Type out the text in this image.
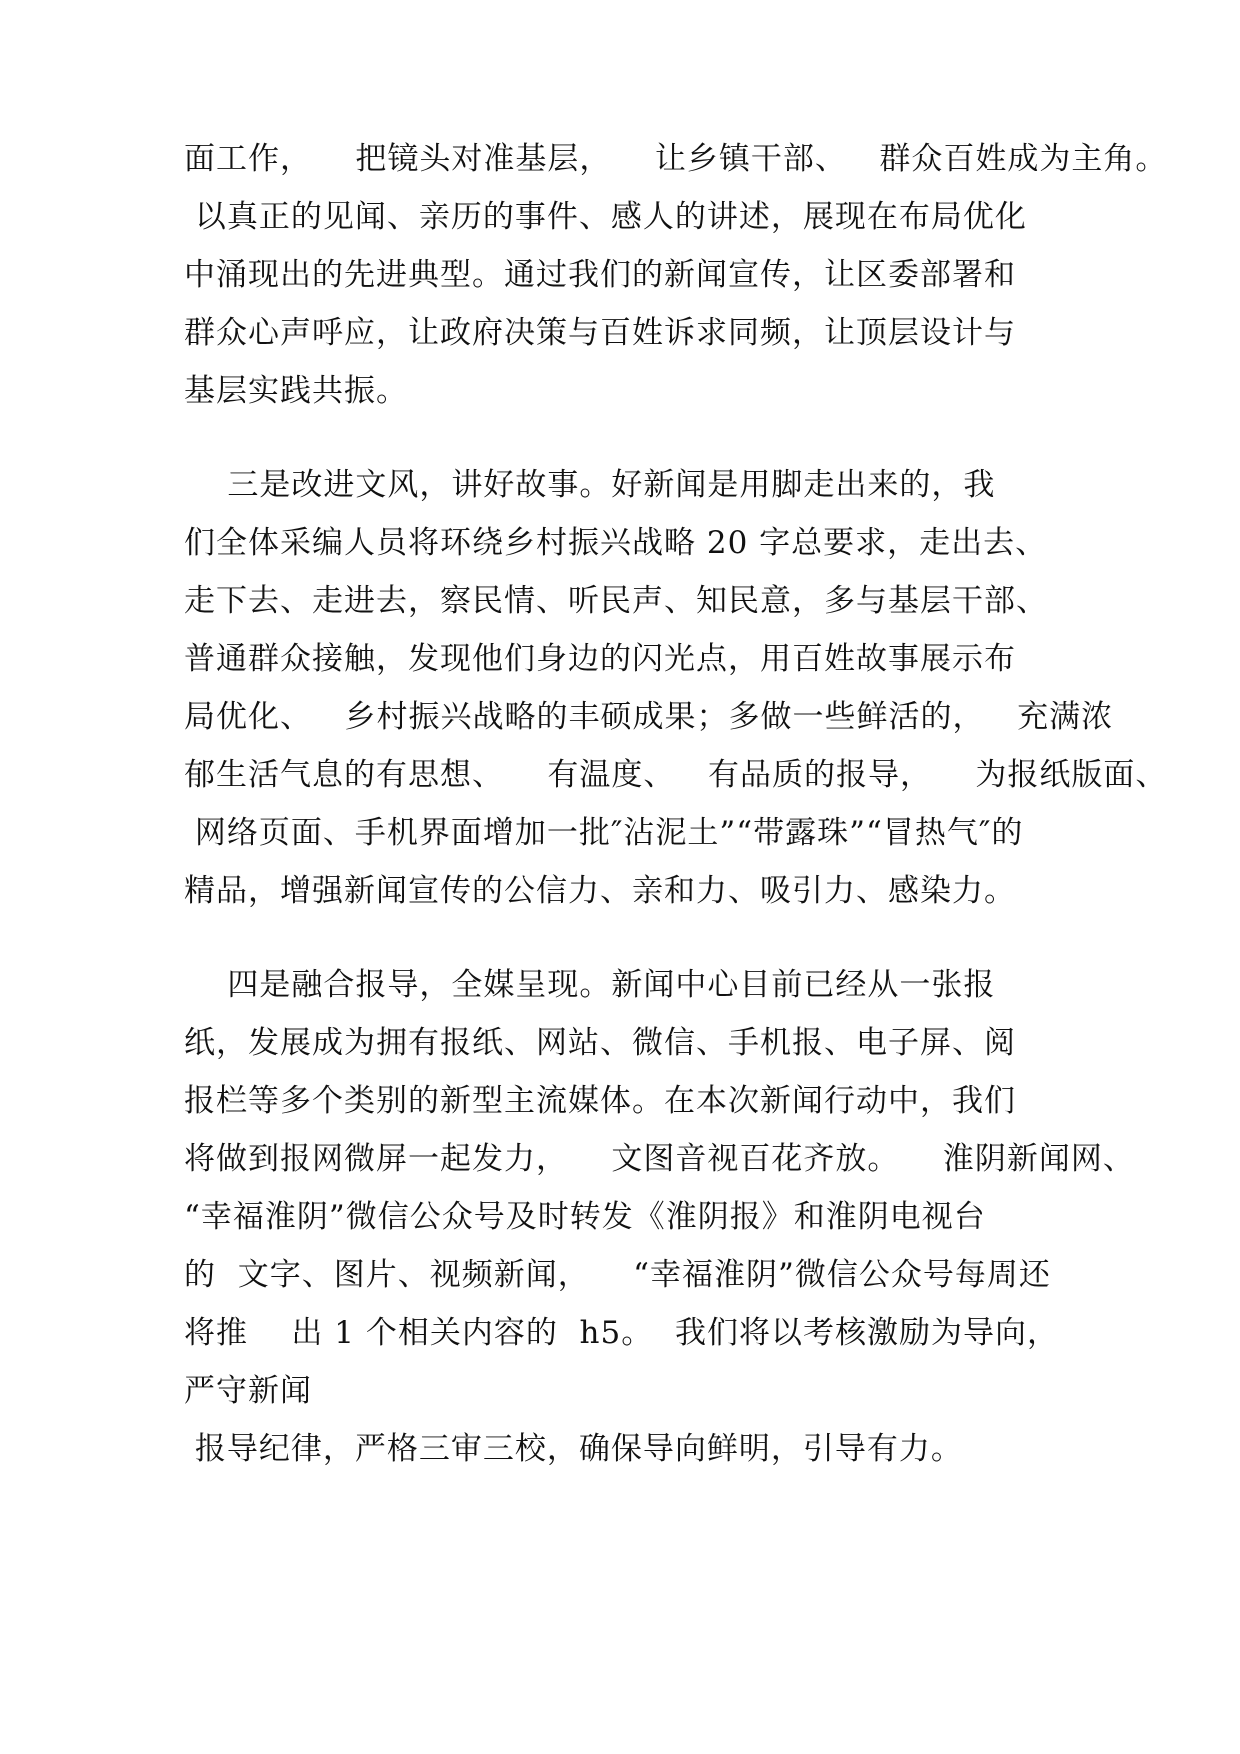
面工作，    把镜头对准基层，    让乡镇干部、   群众百姓成为主角。
以真正的见闻、亲历的事件、感人的讲述，展现在布局优化
中涌现出的先进典型。通过我们的新闻宣传，让区委部署和
群众心声呼应，让政府决策与百姓诉求同频，让顶层设计与
基层实践共振。
三是改进文风，讲好故事。好新闻是用脚走出来的，我
们全体采编人员将环绕乡村振兴战略 20 字总要求，走出去、
走下去、走进去，察民情、听民声、知民意，多与基层干部、
普通群众接触，发现他们身边的闪光点，用百姓故事展示布
局优化、   乡村振兴战略的丰硕成果；多做一些鲜活的，   充满浓
郁生活气息的有思想、    有温度、   有品质的报导，    为报纸版面、
网络页面、手机界面增加一批″沾泥土”“带露珠”“冒热气″的
精品，增强新闻宣传的公信力、亲和力、吸引力、感染力。
四是融合报导，全媒呈现。新闻中心目前已经从一张报
纸，发展成为拥有报纸、网站、微信、手机报、电子屏、阅
报栏等多个类别的新型主流媒体。在本次新闻行动中，我们
将做到报网微屏一起发力，    文图音视百花齐放。    淮阴新闻网、
“幸福淮阴”微信公众号及时转发《淮阴报》和淮阴电视台
的  文字、图片、视频新闻，    “幸福淮阴”微信公众号每周还
将推    出 1 个相关内容的  h5。  我们将以考核激励为导向，
严守新闻
报导纪律，严格三审三校，确保导向鲜明，引导有力。
